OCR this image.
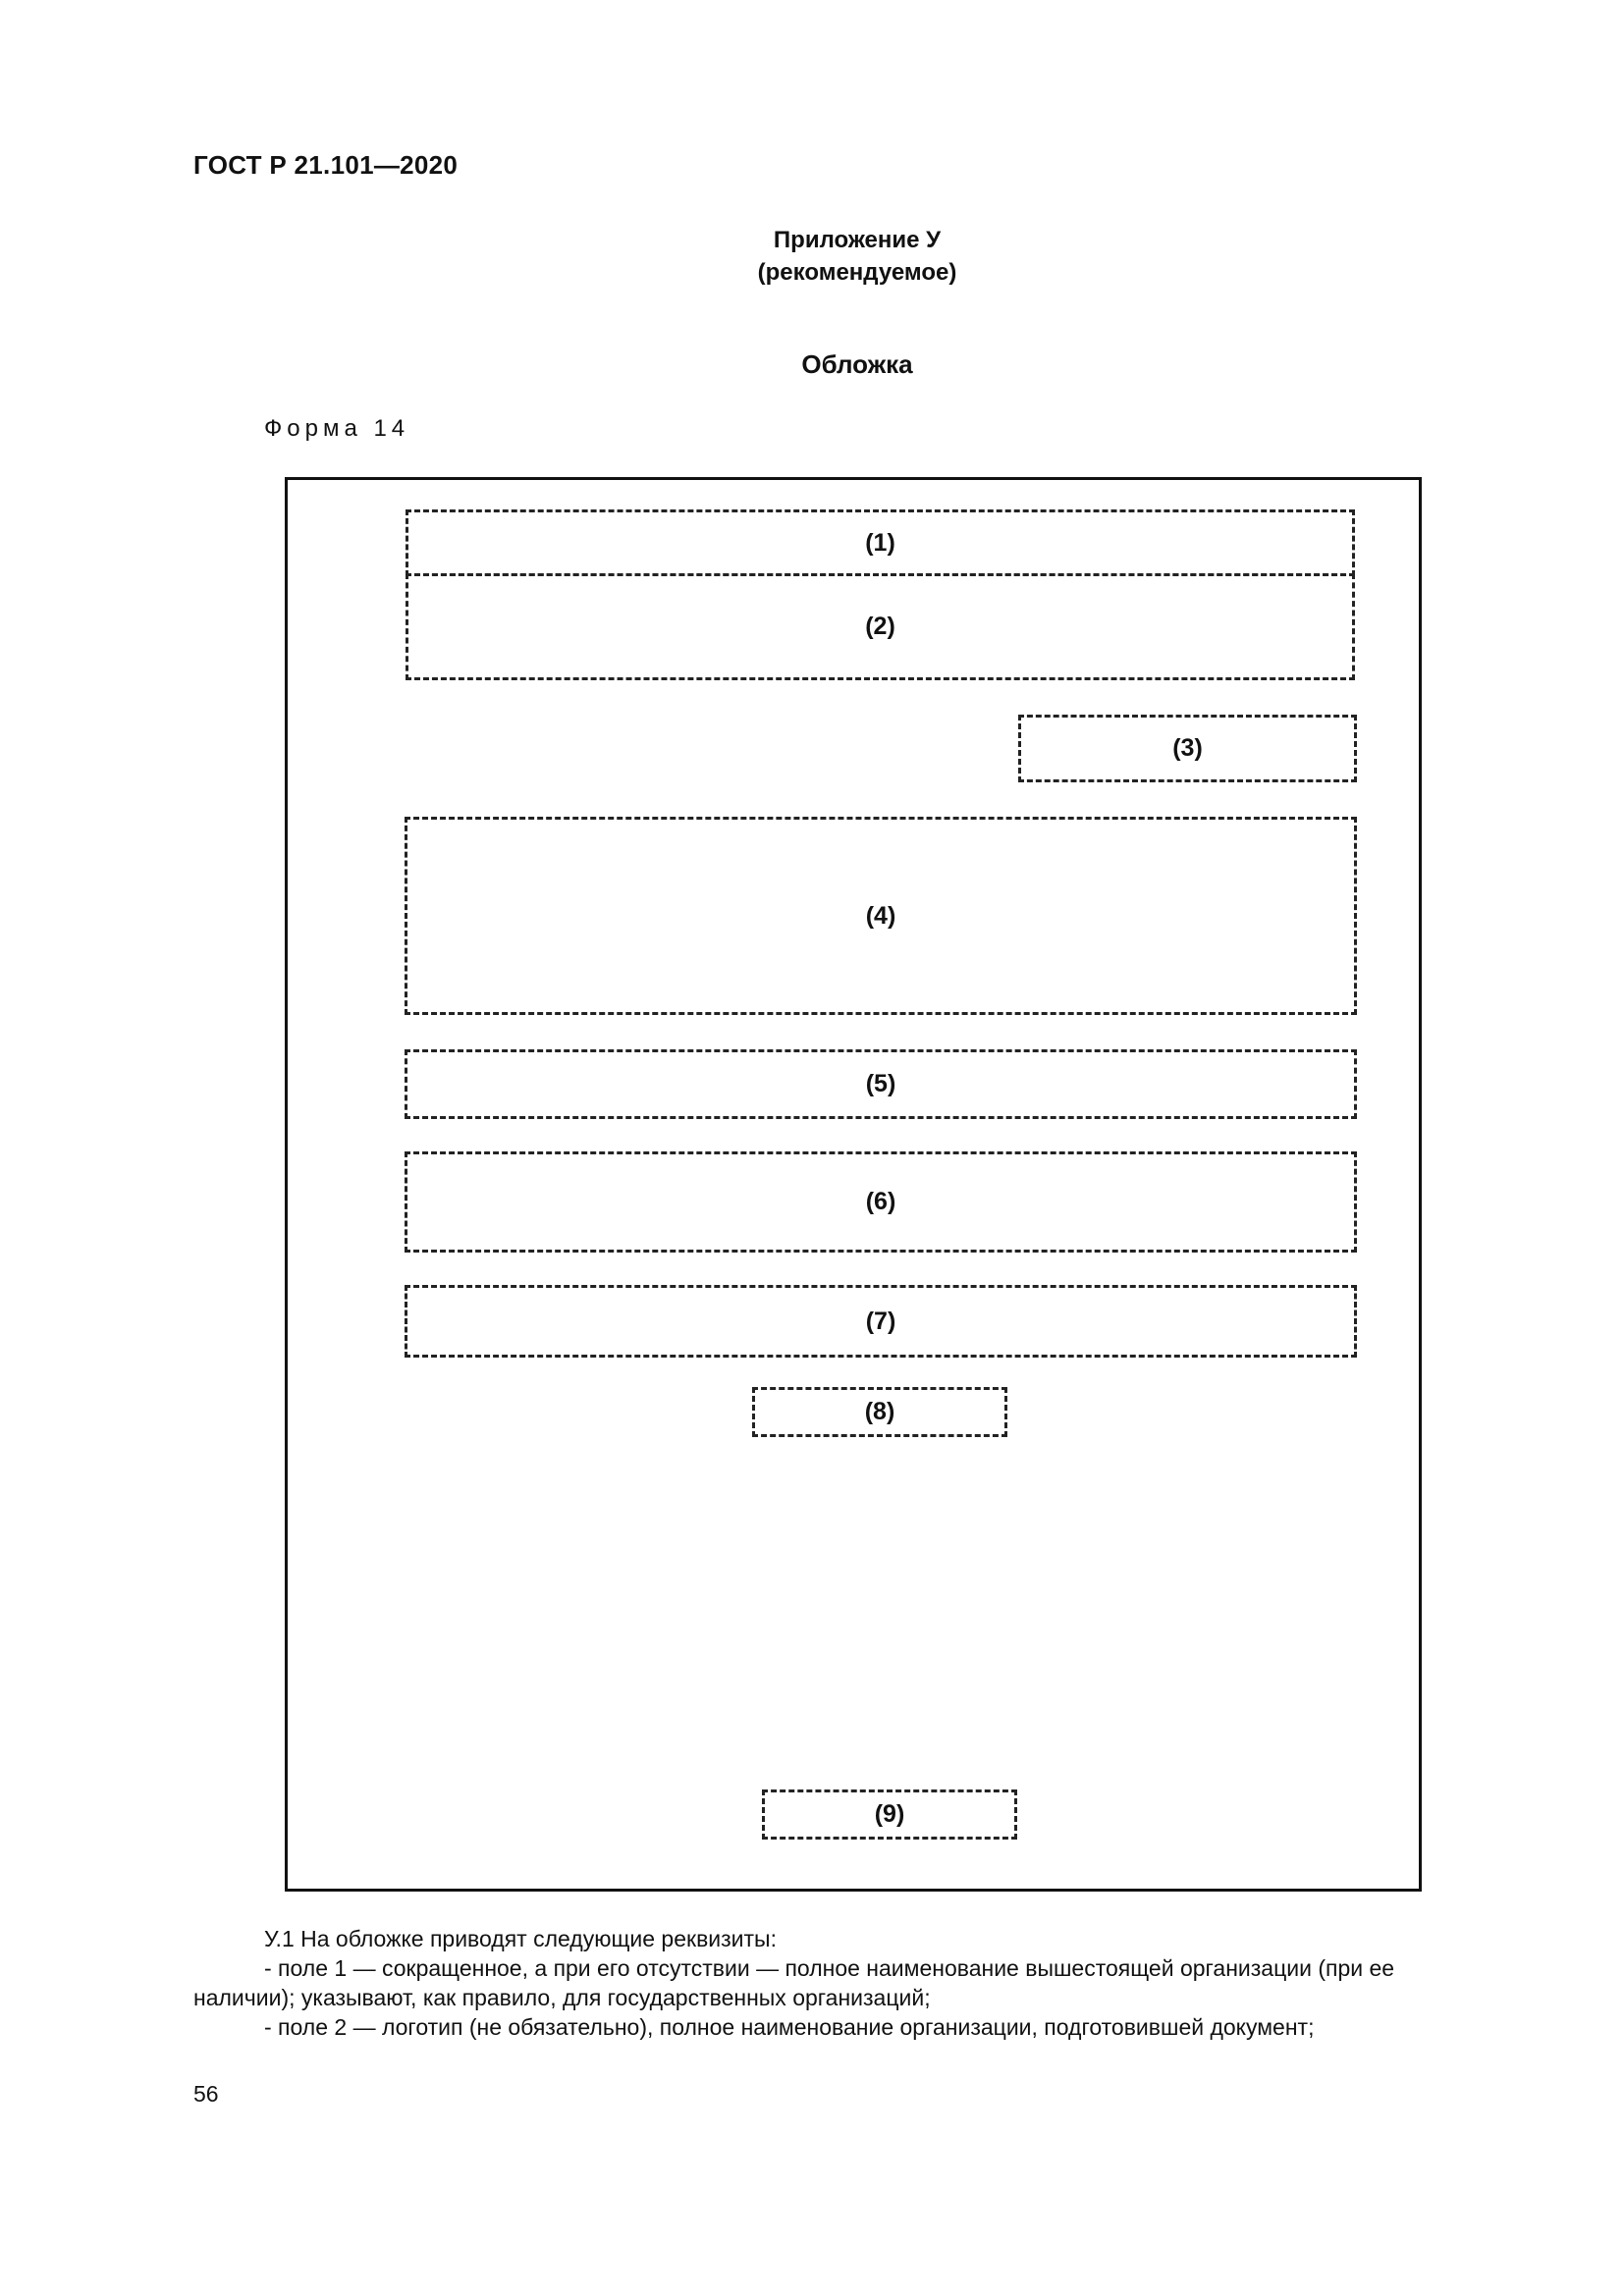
ГОСТ Р 21.101—2020
Приложение У
(рекомендуемое)
Обложка
Форма 14
(1)
(2)
(3)
(4)
(5)
(6)
(7)
(8)
(9)
У.1 На обложке приводят следующие реквизиты:
- поле 1 — сокращенное, а при его отсутствии — полное наименование вышестоящей организации (при ее
наличии); указывают, как правило, для государственных организаций;
- поле 2 — логотип (не обязательно), полное наименование организации, подготовившей документ;
56
